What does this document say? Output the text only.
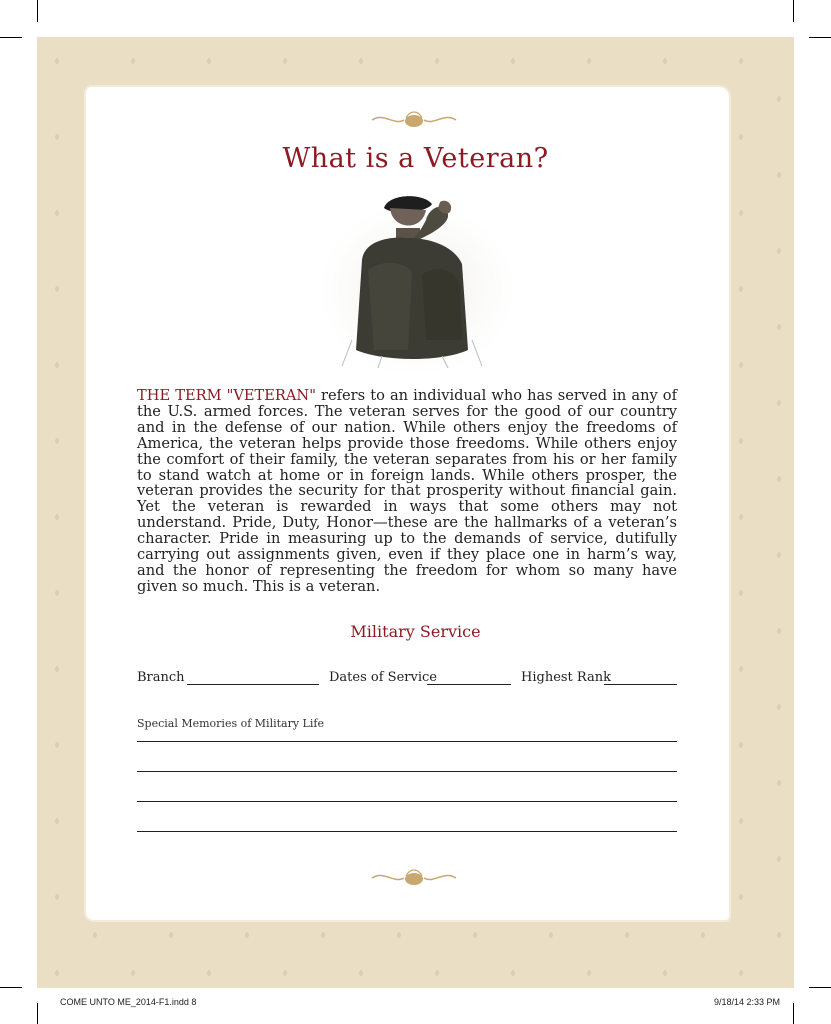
What is a Veteran?

THE TERM "VETERAN" refers to an individual who has served in any of the U.S. armed forces. The veteran serves for the good of our country and in the defense of our nation. While others enjoy the freedoms of America, the veteran helps provide those freedoms. While others enjoy the comfort of their family, the veteran separates from his or her family to stand watch at home or in foreign lands. While others prosper, the veteran provides the security for that prosperity without financial gain. Yet the veteran is rewarded in ways that some others may not understand. Pride, Duty, Honor—these are the hallmarks of a veteran’s character. Pride in measuring up to the demands of service, dutifully carrying out assignments given, even if they place one in harm’s way, and the honor of representing the freedom for whom so many have given so much. This is a veteran.

Military Service
Branch	Dates of Service	Highest Rank
Special Memories of Military Life
COME UNTO ME_2014-F1.indd 8	9/18/14 2:33 PM
